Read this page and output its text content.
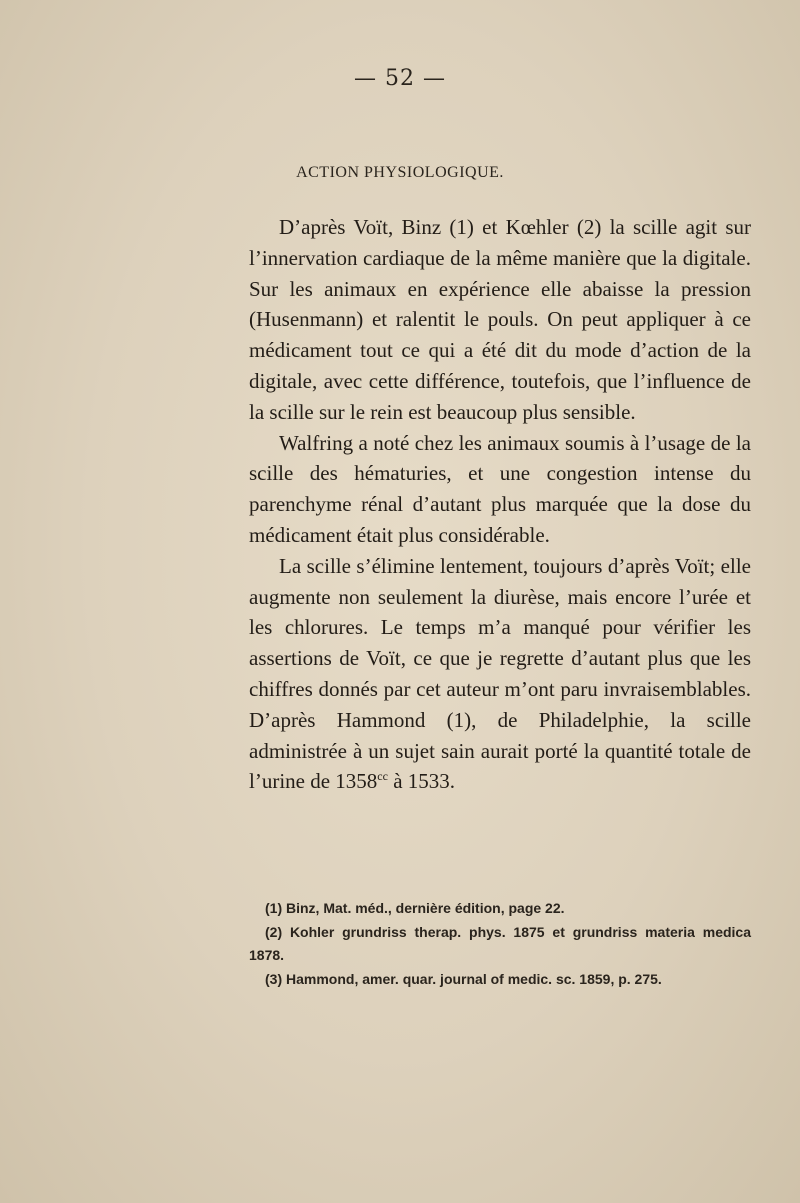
— 52 —
ACTION PHYSIOLOGIQUE.

D’après Voït, Binz (1) et Kœhler (2) la scille agit sur l’innervation cardiaque de la même manière que la digitale. Sur les animaux en expérience elle abaisse la pression (Husenmann) et ralentit le pouls. On peut appliquer à ce médicament tout ce qui a été dit du mode d’action de la digitale, avec cette différence, toutefois, que l’influence de la scille sur le rein est beaucoup plus sensible.

Walfring a noté chez les animaux soumis à l’usage de la scille des hématuries, et une congestion intense du parenchyme rénal d’autant plus marquée que la dose du médicament était plus considérable.

La scille s’élimine lentement, toujours d’après Voït; elle augmente non seulement la diurèse, mais encore l’urée et les chlorures. Le temps m’a manqué pour vérifier les assertions de Voït, ce que je regrette d’autant plus que les chiffres donnés par cet auteur m’ont paru invraisemblables. D’après Hammond (1), de Philadelphie, la scille administrée à un sujet sain aurait porté la quantité totale de l’urine de $1358^{cc}$ à 1533.

(1) Binz, Mat. méd., dernière édition, page 22.

(2) Kohler grundriss therap. phys. 1875 et grundriss materia medica 1878.

(3) Hammond, amer. quar. journal of medic. sc. 1859, p. 275.
